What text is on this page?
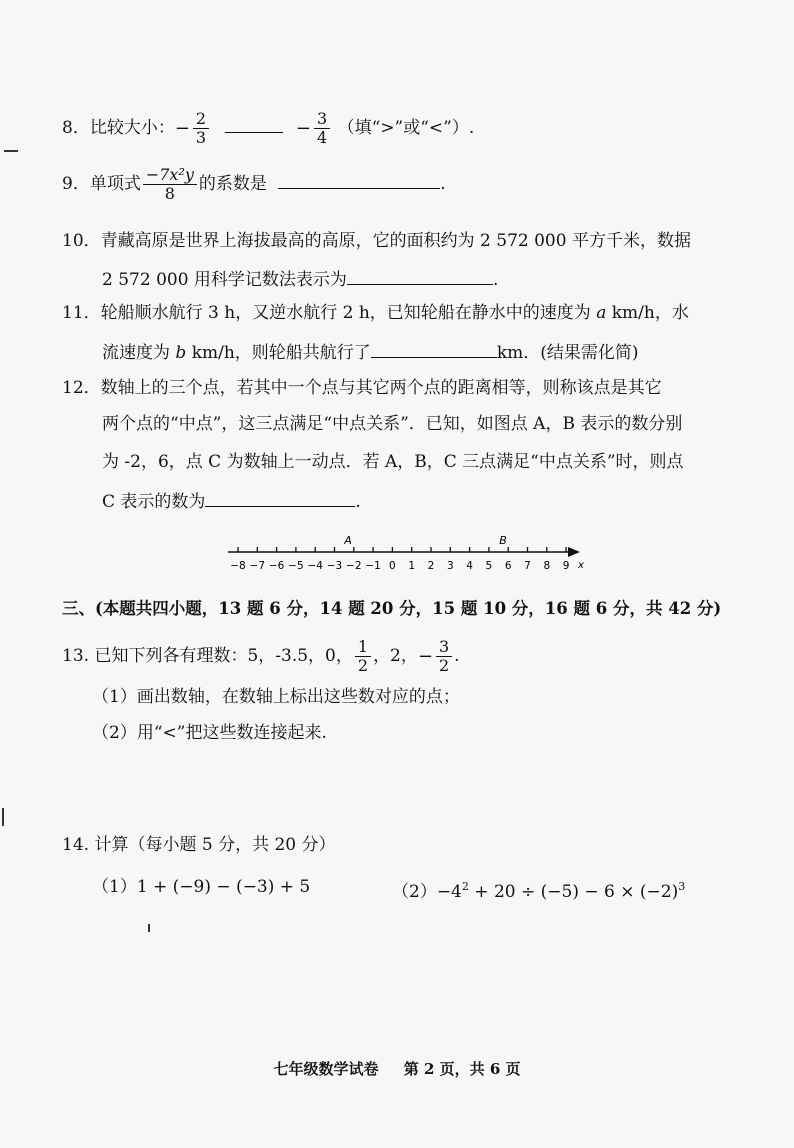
8．比较大小：− $\frac{2}{3}$	− $\frac{3}{4}$ （填“>”或“<”）.
9．单项式 $\frac{\text{−7x²y}}{8}$ 的系数是	.
10．青藏高原是世界上海拔最高的高原，它的面积约为 2 572 000 平方千米，数据
2 572 000 用科学记数法表示为	.
11．轮船顺水航行 3 h，又逆水航行 2 h，已知轮船在静水中的速度为 a km/h，水
流速度为 b km/h，则轮船共航行了	km．(结果需化简)
12．数轴上的三个点，若其中一个点与其它两个点的距离相等，则称该点是其它
两个点的“中点”，这三点满足“中点关系”．已知，如图点 A，B 表示的数分别
为 -2，6，点 C 为数轴上一动点．若 A，B，C 三点满足“中点关系”时，则点
C 表示的数为	.
−8 −7 −6 −5 −4 −3 −2 −1 0 1 2 3 4 5 6 7 8 9
A	B
x
三、(本题共四小题，13 题 6 分，14 题 20 分，15 题 10 分，16 题 6 分，共 42 分)
13. 已知下列各有理数：5，-3.5，0， $\frac{1}{2}$ ，2，− $\frac{3}{2}$ .
（1）画出数轴，在数轴上标出这些数对应的点；
（2）用“<”把这些数连接起来.
14. 计算（每小题 5 分，共 20 分）
（1）1 + (−9) − (−3) + 5	$(2)-4^2 + 20 \div (-5) - 6 \times (-2)^3$
七年级数学试卷 第 2 页，共 6 页
